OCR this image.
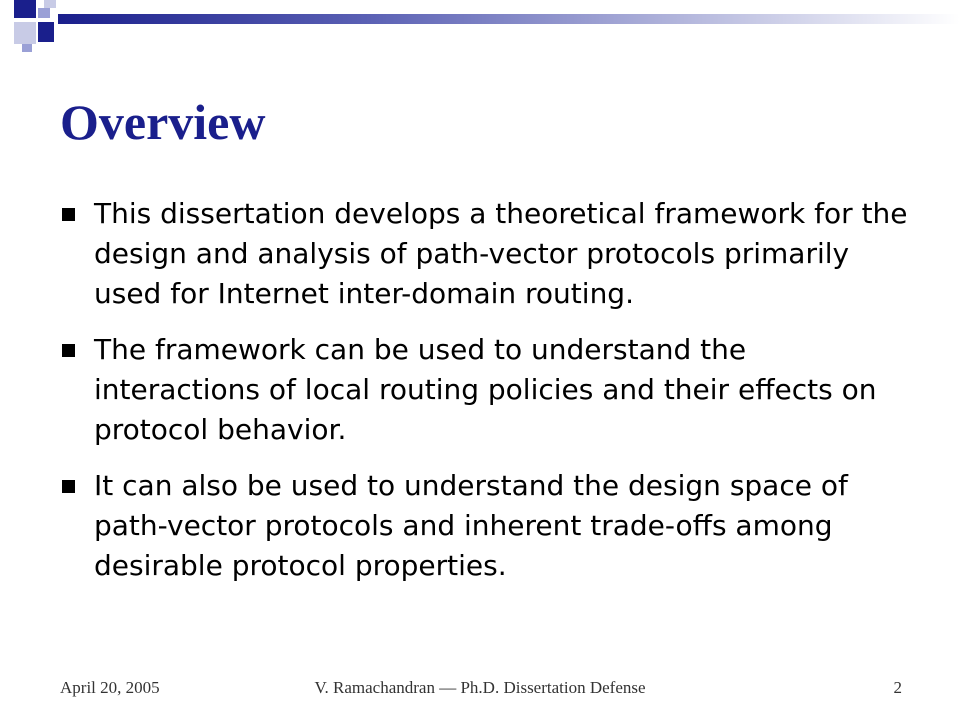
Overview
This dissertation develops a theoretical framework for the design and analysis of path-vector protocols primarily used for Internet inter-domain routing.
The framework can be used to understand the interactions of local routing policies and their effects on protocol behavior.
It can also be used to understand the design space of path-vector protocols and inherent trade-offs among desirable protocol properties.

April 20, 2005	V. Ramachandran — Ph.D. Dissertation Defense	2
